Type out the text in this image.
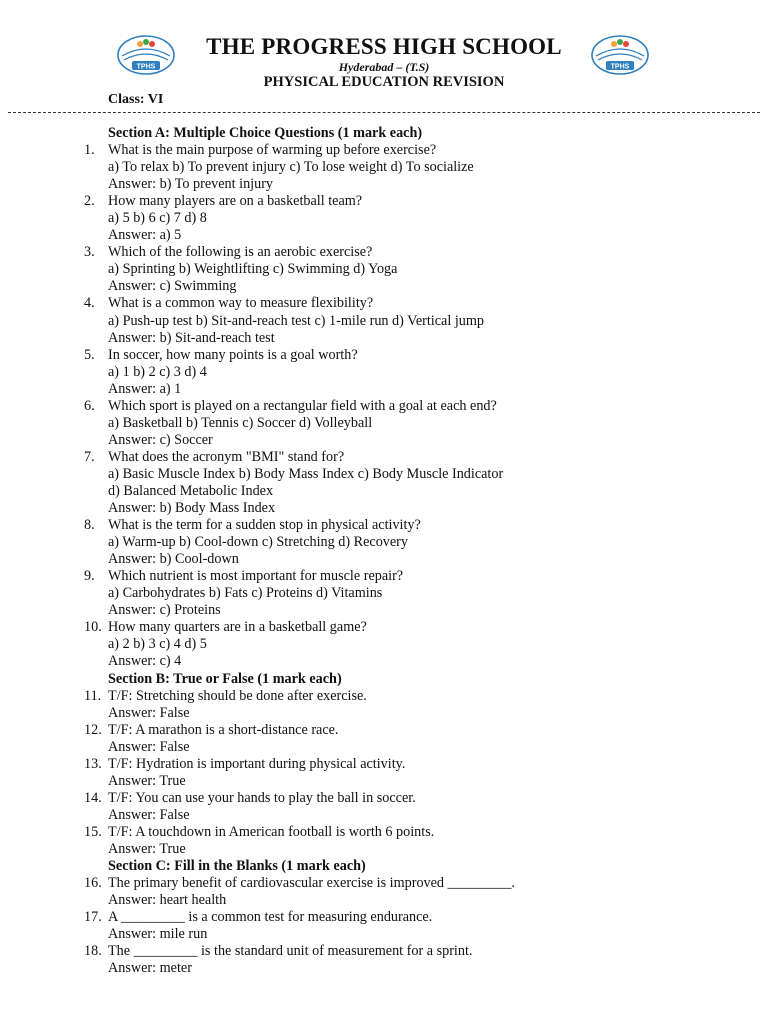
TPHS
THE PROGRESS HIGH SCHOOL
Hyderabad – (T.S)
PHYSICAL EDUCATION REVISION
TPHS
Class: VI
Section A: Multiple Choice Questions (1 mark each)
1. What is the main purpose of warming up before exercise?
a) To relax b) To prevent injury c) To lose weight d) To socialize
Answer: b) To prevent injury
2. How many players are on a basketball team?
a) 5 b) 6 c) 7 d) 8
Answer: a) 5
3. Which of the following is an aerobic exercise?
a) Sprinting b) Weightlifting c) Swimming d) Yoga
Answer: c) Swimming
4. What is a common way to measure flexibility?
a) Push-up test b) Sit-and-reach test c) 1-mile run d) Vertical jump
Answer: b) Sit-and-reach test
5. In soccer, how many points is a goal worth?
a) 1 b) 2 c) 3 d) 4
Answer: a) 1
6. Which sport is played on a rectangular field with a goal at each end?
a) Basketball b) Tennis c) Soccer d) Volleyball
Answer: c) Soccer
7. What does the acronym "BMI" stand for?
a) Basic Muscle Index b) Body Mass Index c) Body Muscle Indicator
d) Balanced Metabolic Index
Answer: b) Body Mass Index
8. What is the term for a sudden stop in physical activity?
a) Warm-up b) Cool-down c) Stretching d) Recovery
Answer: b) Cool-down
9. Which nutrient is most important for muscle repair?
a) Carbohydrates b) Fats c) Proteins d) Vitamins
Answer: c) Proteins
10. How many quarters are in a basketball game?
a) 2 b) 3 c) 4 d) 5
Answer: c) 4
Section B: True or False (1 mark each)
11. T/F: Stretching should be done after exercise.
Answer: False
12. T/F: A marathon is a short-distance race.
Answer: False
13. T/F: Hydration is important during physical activity.
Answer: True
14. T/F: You can use your hands to play the ball in soccer.
Answer: False
15. T/F: A touchdown in American football is worth 6 points.
Answer: True
Section C: Fill in the Blanks (1 mark each)
16. The primary benefit of cardiovascular exercise is improved _________.
Answer: heart health
17. A _________ is a common test for measuring endurance.
Answer: mile run
18. The _________ is the standard unit of measurement for a sprint.
Answer: meter
